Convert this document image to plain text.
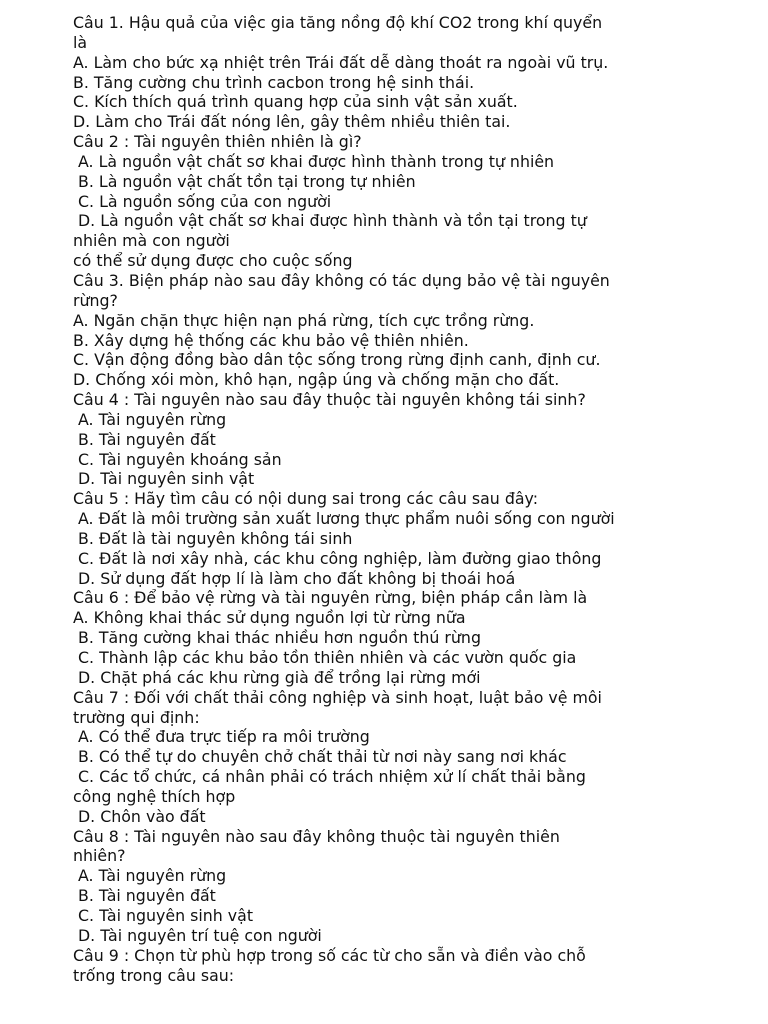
Câu 1. Hậu quả của việc gia tăng nồng độ khí CO2 trong khí quyển
là
A. Làm cho bức xạ nhiệt trên Trái đất dễ dàng thoát ra ngoài vũ trụ.
B. Tăng cường chu trình cacbon trong hệ sinh thái.
C. Kích thích quá trình quang hợp của sinh vật sản xuất.
D. Làm cho Trái đất nóng lên, gây thêm nhiều thiên tai.
Câu 2 : Tài nguyên thiên nhiên là gì?
A. Là nguồn vật chất sơ khai được hình thành trong tự nhiên
B. Là nguồn vật chất tồn tại trong tự nhiên
C. Là nguồn sống của con người
D. Là nguồn vật chất sơ khai được hình thành và tồn tại trong tự
nhiên mà con người
có thể sử dụng được cho cuộc sống
Câu 3. Biện pháp nào sau đây không có tác dụng bảo vệ tài nguyên
rừng?
A. Ngăn chặn thực hiện nạn phá rừng, tích cực trồng rừng.
B. Xây dựng hệ thống các khu bảo vệ thiên nhiên.
C. Vận động đồng bào dân tộc sống trong rừng định canh, định cư.
D. Chống xói mòn, khô hạn, ngập úng và chống mặn cho đất.
Câu 4 : Tài nguyên nào sau đây thuộc tài nguyên không tái sinh?
A. Tài nguyên rừng
B. Tài nguyên đất
C. Tài nguyên khoáng sản
D. Tài nguyên sinh vật
Câu 5 : Hãy tìm câu có nội dung sai trong các câu sau đây:
A. Đất là môi trường sản xuất lương thực phẩm nuôi sống con người
B. Đất là tài nguyên không tái sinh
C. Đất là nơi xây nhà, các khu công nghiệp, làm đường giao thông
D. Sử dụng đất hợp lí là làm cho đất không bị thoái hoá
Câu 6 : Để bảo vệ rừng và tài nguyên rừng, biện pháp cần làm là
A. Không khai thác sử dụng nguồn lợi từ rừng nữa
B. Tăng cường khai thác nhiều hơn nguồn thú rừng
C. Thành lập các khu bảo tồn thiên nhiên và các vườn quốc gia
D. Chặt phá các khu rừng già để trồng lại rừng mới
Câu 7 : Đối với chất thải công nghiệp và sinh hoạt, luật bảo vệ môi
trường qui định:
A. Có thể đưa trực tiếp ra môi trường
B. Có thể tự do chuyên chở chất thải từ nơi này sang nơi khác
C. Các tổ chức, cá nhân phải có trách nhiệm xử lí chất thải bằng
công nghệ thích hợp
D. Chôn vào đất
Câu 8 : Tài nguyên nào sau đây không thuộc tài nguyên thiên
nhiên?
A. Tài nguyên rừng
B. Tài nguyên đất
C. Tài nguyên sinh vật
D. Tài nguyên trí tuệ con người
Câu 9 : Chọn từ phù hợp trong số các từ cho sẵn và điền vào chỗ
trống trong câu sau:
